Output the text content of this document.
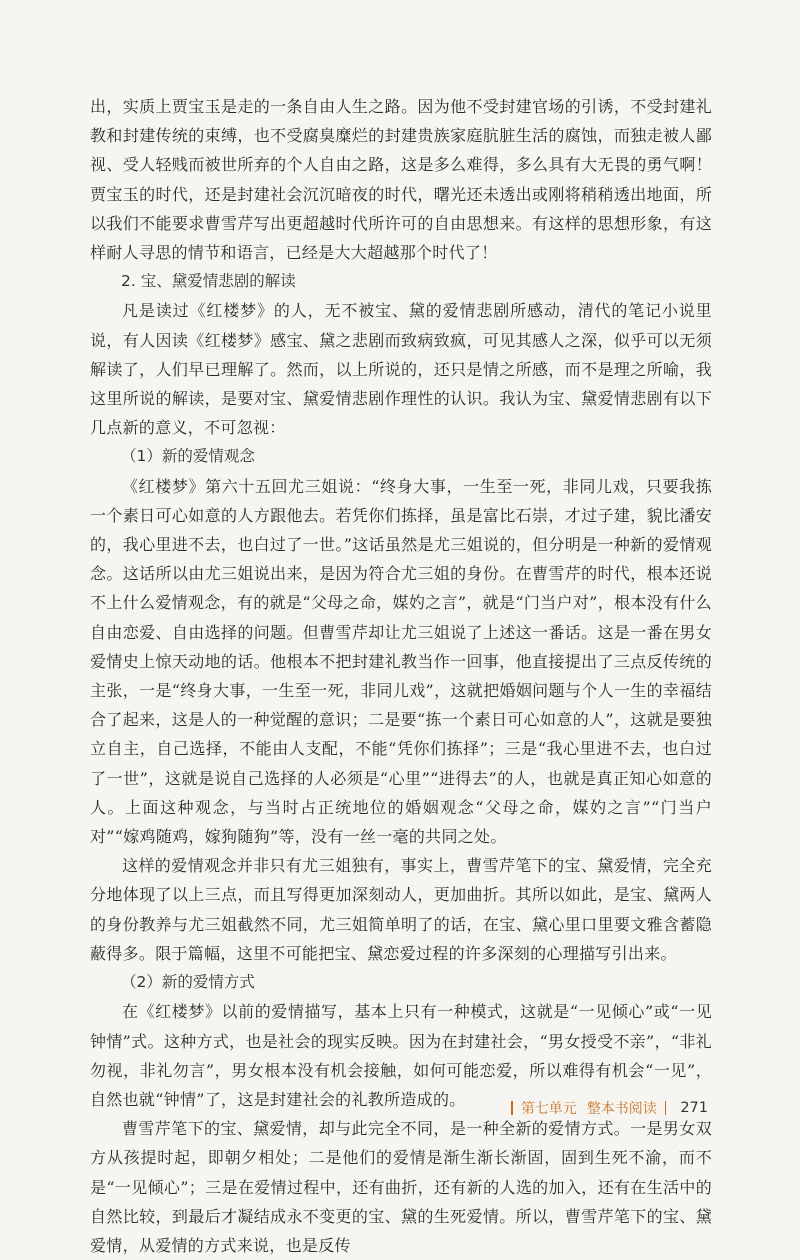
出，实质上贾宝玉是走的一条自由人生之路。因为他不受封建官场的引诱，不受封建礼教和封建传统的束缚，也不受腐臭糜烂的封建贵族家庭肮脏生活的腐蚀，而独走被人鄙视、受人轻贱而被世所弃的个人自由之路，这是多么难得，多么具有大无畏的勇气啊！贾宝玉的时代，还是封建社会沉沉暗夜的时代，曙光还未透出或刚将稍稍透出地面，所以我们不能要求曹雪芹写出更超越时代所许可的自由思想来。有这样的思想形象，有这样耐人寻思的情节和语言，已经是大大超越那个时代了！

2. 宝、黛爱情悲剧的解读

凡是读过《红楼梦》的人，无不被宝、黛的爱情悲剧所感动，清代的笔记小说里说，有人因读《红楼梦》感宝、黛之悲剧而致病致疯，可见其感人之深，似乎可以无须解读了，人们早已理解了。然而，以上所说的，还只是情之所感，而不是理之所喻，我这里所说的解读，是要对宝、黛爱情悲剧作理性的认识。我认为宝、黛爱情悲剧有以下几点新的意义，不可忽视：

（1）新的爱情观念

《红楼梦》第六十五回尤三姐说：“终身大事，一生至一死，非同儿戏，只要我拣一个素日可心如意的人方跟他去。若凭你们拣择，虽是富比石崇，才过子建，貌比潘安的，我心里进不去，也白过了一世。”这话虽然是尤三姐说的，但分明是一种新的爱情观念。这话所以由尤三姐说出来，是因为符合尤三姐的身份。在曹雪芹的时代，根本还说不上什么爱情观念，有的就是“父母之命，媒妁之言”，就是“门当户对”，根本没有什么自由恋爱、自由选择的问题。但曹雪芹却让尤三姐说了上述这一番话。这是一番在男女爱情史上惊天动地的话。他根本不把封建礼教当作一回事，他直接提出了三点反传统的主张，一是“终身大事，一生至一死，非同儿戏”，这就把婚姻问题与个人一生的幸福结合了起来，这是人的一种觉醒的意识；二是要“拣一个素日可心如意的人”，这就是要独立自主，自己选择，不能由人支配，不能“凭你们拣择”；三是“我心里进不去，也白过了一世”，这就是说自己选择的人必须是“心里”“进得去”的人，也就是真正知心如意的人。上面这种观念，与当时占正统地位的婚姻观念“父母之命，媒妁之言”“门当户对”“嫁鸡随鸡，嫁狗随狗”等，没有一丝一毫的共同之处。

这样的爱情观念并非只有尤三姐独有，事实上，曹雪芹笔下的宝、黛爱情，完全充分地体现了以上三点，而且写得更加深刻动人，更加曲折。其所以如此，是宝、黛两人的身份教养与尤三姐截然不同，尤三姐简单明了的话，在宝、黛心里口里要文雅含蓄隐蔽得多。限于篇幅，这里不可能把宝、黛恋爱过程的许多深刻的心理描写引出来。

（2）新的爱情方式

在《红楼梦》以前的爱情描写，基本上只有一种模式，这就是“一见倾心”或“一见钟情”式。这种方式，也是社会的现实反映。因为在封建社会，“男女授受不亲”，“非礼勿视，非礼勿言”，男女根本没有机会接触，如何可能恋爱，所以难得有机会“一见”，自然也就“钟情”了，这是封建社会的礼教所造成的。

曹雪芹笔下的宝、黛爱情，却与此完全不同，是一种全新的爱情方式。一是男女双方从孩提时起，即朝夕相处；二是他们的爱情是渐生渐长渐固，固到生死不渝，而不是“一见倾心”；三是在爱情过程中，还有曲折，还有新的人选的加入，还有在生活中的自然比较，到最后才凝结成永不变更的宝、黛的生死爱情。所以，曹雪芹笔下的宝、黛爱情，从爱情的方式来说，也是反传

第七单元 整本书阅读 271
